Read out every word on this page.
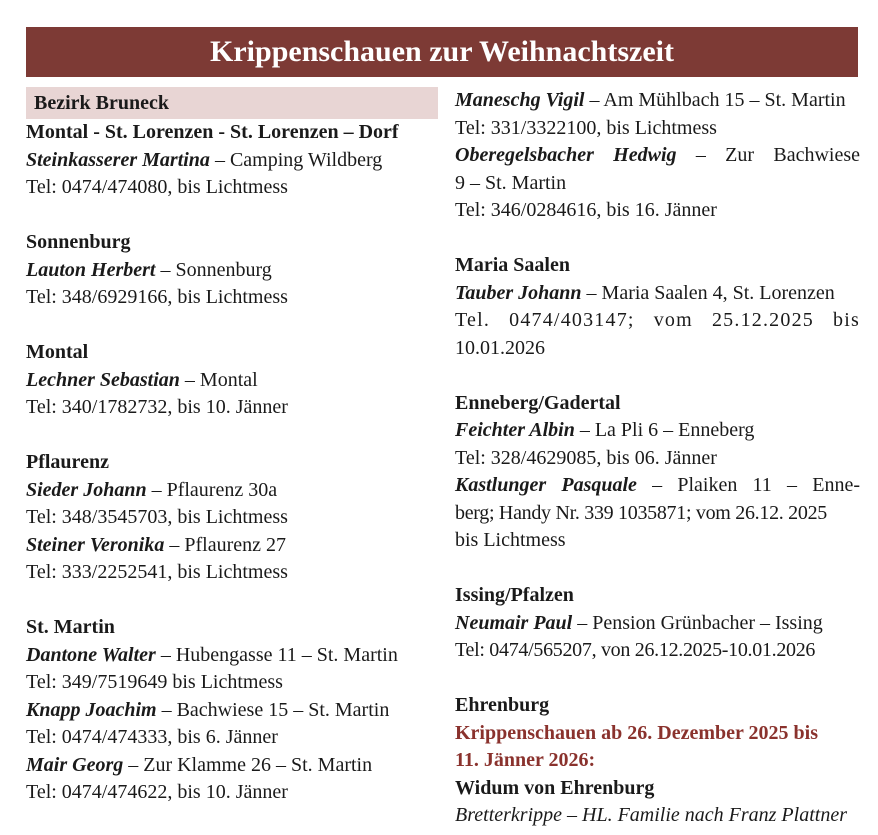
Krippenschauen zur Weihnachtszeit
Bezirk Bruneck
Montal - St. Lorenzen - St. Lorenzen – Dorf
Steinkasserer Martina – Camping Wildberg
Tel: 0474/474080, bis Lichtmess
Sonnenburg
Lauton Herbert – Sonnenburg
Tel: 348/6929166, bis Lichtmess
Montal
Lechner Sebastian – Montal
Tel: 340/1782732, bis 10. Jänner
Pflaurenz
Sieder Johann – Pflaurenz 30a
Tel: 348/3545703, bis Lichtmess
Steiner Veronika – Pflaurenz 27
Tel: 333/2252541, bis Lichtmess
St. Martin
Dantone Walter – Hubengasse 11 – St. Martin
Tel: 349/7519649 bis Lichtmess
Knapp Joachim – Bachwiese 15 – St. Martin
Tel: 0474/474333, bis 6. Jänner
Mair Georg – Zur Klamme 26 – St. Martin
Tel: 0474/474622, bis 10. Jänner
Maneschg Vigil – Am Mühlbach 15 – St. Martin
Tel: 331/3322100, bis Lichtmess
Oberegelsbacher Hedwig – Zur Bachwiese
9 – St. Martin
Tel: 346/0284616, bis 16. Jänner
Maria Saalen
Tauber Johann – Maria Saalen 4, St. Lorenzen
Tel. 0474/403147; vom 25.12.2025 bis
10.01.2026
Enneberg/Gadertal
Feichter Albin – La Pli 6 – Enneberg
Tel: 328/4629085, bis 06. Jänner
Kastlunger Pasquale – Plaiken 11 – Enne-
berg; Handy Nr. 339 1035871; vom 26.12. 2025
bis Lichtmess
Issing/Pfalzen
Neumair Paul – Pension Grünbacher – Issing
Tel: 0474/565207, von 26.12.2025-10.01.2026
Ehrenburg
Krippenschauen ab 26. Dezember 2025 bis
11. Jänner 2026:
Widum von Ehrenburg
Bretterkrippe – HL. Familie nach Franz Plattner
